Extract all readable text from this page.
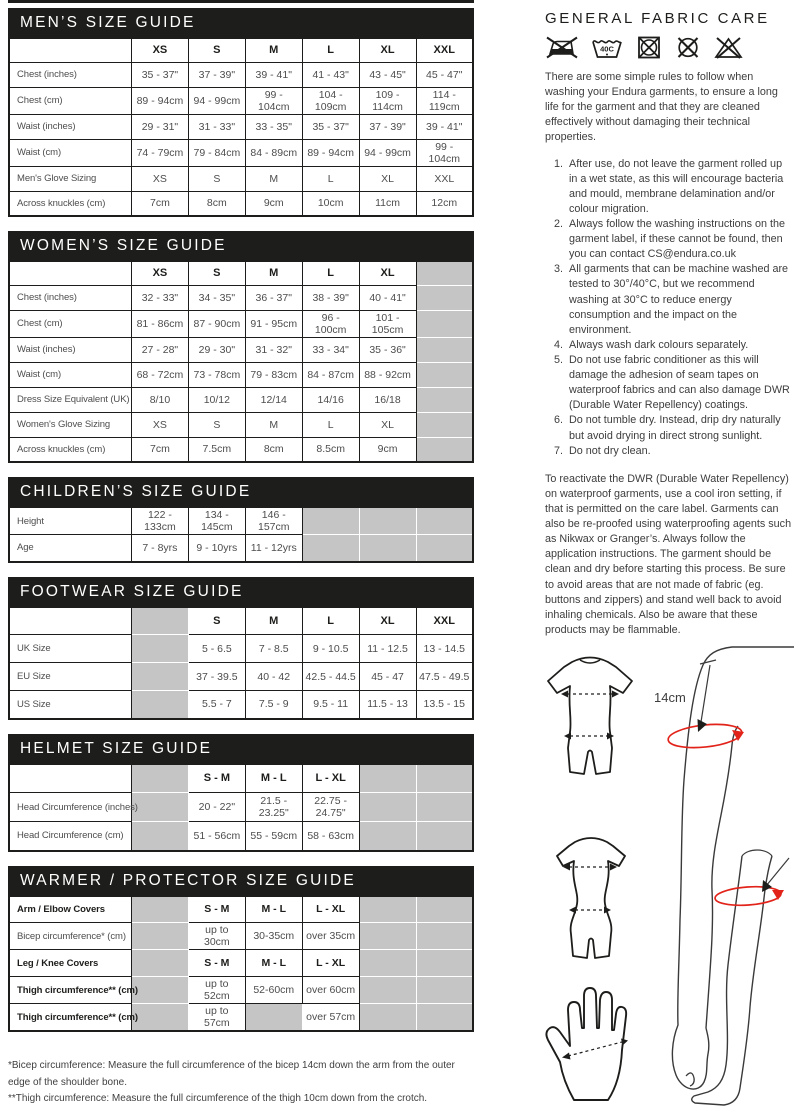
MEN’S SIZE GUIDE
	XS	S	M	L	XL	XXL
Chest (inches)	35 - 37"	37 - 39"	39 - 41"	41 - 43"	43 - 45"	45 - 47"
Chest (cm)	89 - 94cm	94 - 99cm	99 - 104cm	104 - 109cm	109 - 114cm	114 - 119cm
Waist (inches)	29 - 31"	31 - 33"	33 - 35"	35 - 37"	37 - 39"	39 - 41"
Waist (cm)	74 - 79cm	79 - 84cm	84 - 89cm	89 - 94cm	94 - 99cm	99 - 104cm
Men's Glove Sizing	XS	S	M	L	XL	XXL
Across knuckles (cm)	7cm	8cm	9cm	10cm	11cm	12cm
WOMEN’S SIZE GUIDE
	XS	S	M	L	XL	
Chest (inches)	32 - 33"	34 - 35"	36 - 37"	38 - 39"	40 - 41"	
Chest (cm)	81 - 86cm	87 - 90cm	91 - 95cm	96 - 100cm	101 - 105cm	
Waist (inches)	27 - 28"	29 - 30"	31 - 32"	33 - 34"	35 - 36"	
Waist (cm)	68 - 72cm	73 - 78cm	79 - 83cm	84 - 87cm	88 - 92cm	
Dress Size Equivalent (UK)	8/10	10/12	12/14	14/16	16/18	
Women's Glove Sizing	XS	S	M	L	XL	
Across knuckles (cm)	7cm	7.5cm	8cm	8.5cm	9cm	
CHILDREN’S SIZE GUIDE
Height	122 - 133cm	134 - 145cm	146 - 157cm			
Age	7 - 8yrs	9 - 10yrs	11 - 12yrs			
FOOTWEAR SIZE GUIDE
		S	M	L	XL	XXL
UK Size		5 - 6.5	7 - 8.5	9 - 10.5	11 - 12.5	13 - 14.5
EU Size		37 - 39.5	40 - 42	42.5 - 44.5	45 - 47	47.5 - 49.5
US Size		5.5 - 7	7.5 - 9	9.5 - 11	11.5 - 13	13.5 - 15
HELMET SIZE GUIDE
		S - M	M - L	L - XL		
Head Circumference (inches)		20 - 22"	21.5 - 23.25"	22.75 - 24.75"		
Head Circumference (cm)		51 - 56cm	55 - 59cm	58 - 63cm		
WARMER / PROTECTOR SIZE GUIDE
Arm / Elbow Covers		S - M	M - L	L - XL		
Bicep circumference* (cm)		up to 30cm	30-35cm	over 35cm		
Leg / Knee Covers		S - M	M - L	L - XL		
Thigh circumference** (cm)		up to 52cm	52-60cm	over 60cm		
Thigh circumference** (cm)		up to 57cm		over 57cm		
*Bicep circumference: Measure the full circumference of the bicep 14cm down the arm from the outer edge of the shoulder bone.
**Thigh circumference: Measure the full circumference of the thigh 10cm down from the crotch.
GENERAL FABRIC CARE
40C

There are some simple rules to follow when washing your Endura garments, to ensure a long life for the garment and that they are cleaned effectively without damaging their technical properties.

1. After use, do not leave the garment rolled up in a wet state, as this will encourage bacteria and mould, membrane delamination and/or colour migration.
2. Always follow the washing instructions on the garment label, if these cannot be found, then you can contact CS@endura.co.uk
3. All garments that can be machine washed are tested to 30°/40°C, but we recommend washing at 30°C to reduce energy consumption and the impact on the environment.
4. Always wash dark colours separately.
5. Do not use fabric conditioner as this will damage the adhesion of seam tapes on waterproof fabrics and can also damage DWR (Durable Water Repellency) coatings.
6. Do not tumble dry. Instead, drip dry naturally but avoid drying in direct strong sunlight.
7. Do not dry clean.

To reactivate the DWR (Durable Water Repellency) on waterproof garments, use a cool iron setting, if that is permitted on the care label. Garments can also be re-proofed using waterproofing agents such as Nikwax or Granger’s. Always follow the application instructions. The garment should be clean and dry before starting this process. Be sure to avoid areas that are not made of fabric (eg. buttons and zippers) and stand well back to avoid inhaling chemicals. Also be aware that these products may be flammable.

14cm
